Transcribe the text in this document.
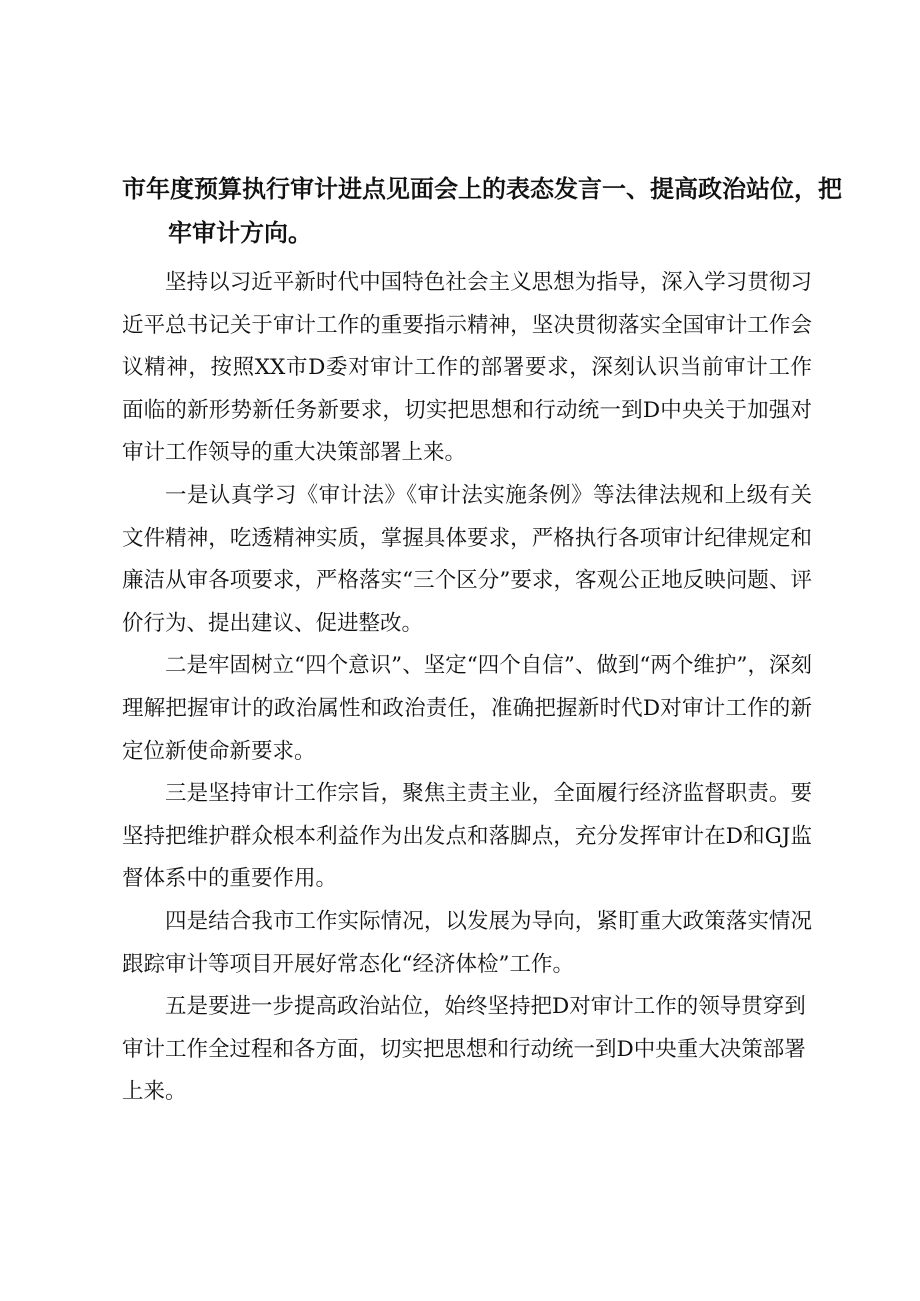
市年度预算执行审计进点见面会上的表态发言一、提高政治站位，把
牢审计方向。

坚持以习近平新时代中国特色社会主义思想为指导，深入学习贯彻习近平总书记关于审计工作的重要指示精神，坚决贯彻落实全国审计工作会议精神，按照XX市D委对审计工作的部署要求，深刻认识当前审计工作面临的新形势新任务新要求，切实把思想和行动统一到D中央关于加强对审计工作领导的重大决策部署上来。

一是认真学习《审计法》《审计法实施条例》等法律法规和上级有关文件精神，吃透精神实质，掌握具体要求，严格执行各项审计纪律规定和廉洁从审各项要求，严格落实“三个区分”要求，客观公正地反映问题、评价行为、提出建议、促进整改。

二是牢固树立“四个意识”、坚定“四个自信”、做到“两个维护”，深刻理解把握审计的政治属性和政治责任，准确把握新时代D对审计工作的新定位新使命新要求。

三是坚持审计工作宗旨，聚焦主责主业，全面履行经济监督职责。要坚持把维护群众根本利益作为出发点和落脚点，充分发挥审计在D和GJ监督体系中的重要作用。

四是结合我市工作实际情况，以发展为导向，紧盯重大政策落实情况跟踪审计等项目开展好常态化“经济体检”工作。

五是要进一步提高政治站位，始终坚持把D对审计工作的领导贯穿到审计工作全过程和各方面，切实把思想和行动统一到D中央重大决策部署上来。
